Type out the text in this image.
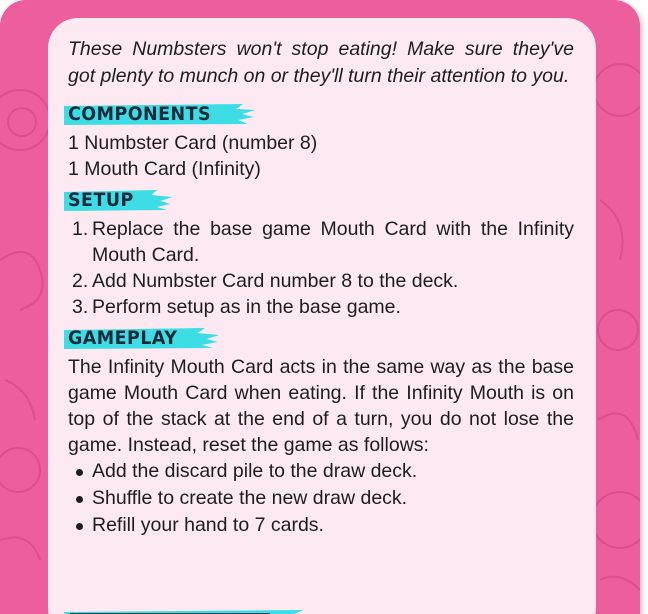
These Numbsters won't stop eating! Make sure they've got plenty to munch on or they'll turn their attention to you.

COMPONENTS

1 Numbster Card (number 8)

1 Mouth Card (Infinity)

SETUP
1. Replace the base game Mouth Card with the Infinity Mouth Card.
2. Add Numbster Card number 8 to the deck.
3. Perform setup as in the base game.
GAMEPLAY

The Infinity Mouth Card acts in the same way as the base game Mouth Card when eating. If the Infinity Mouth is on top of the stack at the end of a turn, you do not lose the game. Instead, reset the game as follows:

Add the discard pile to the draw deck.
Shuffle to create the new draw deck.
Refill your hand to 7 cards.
